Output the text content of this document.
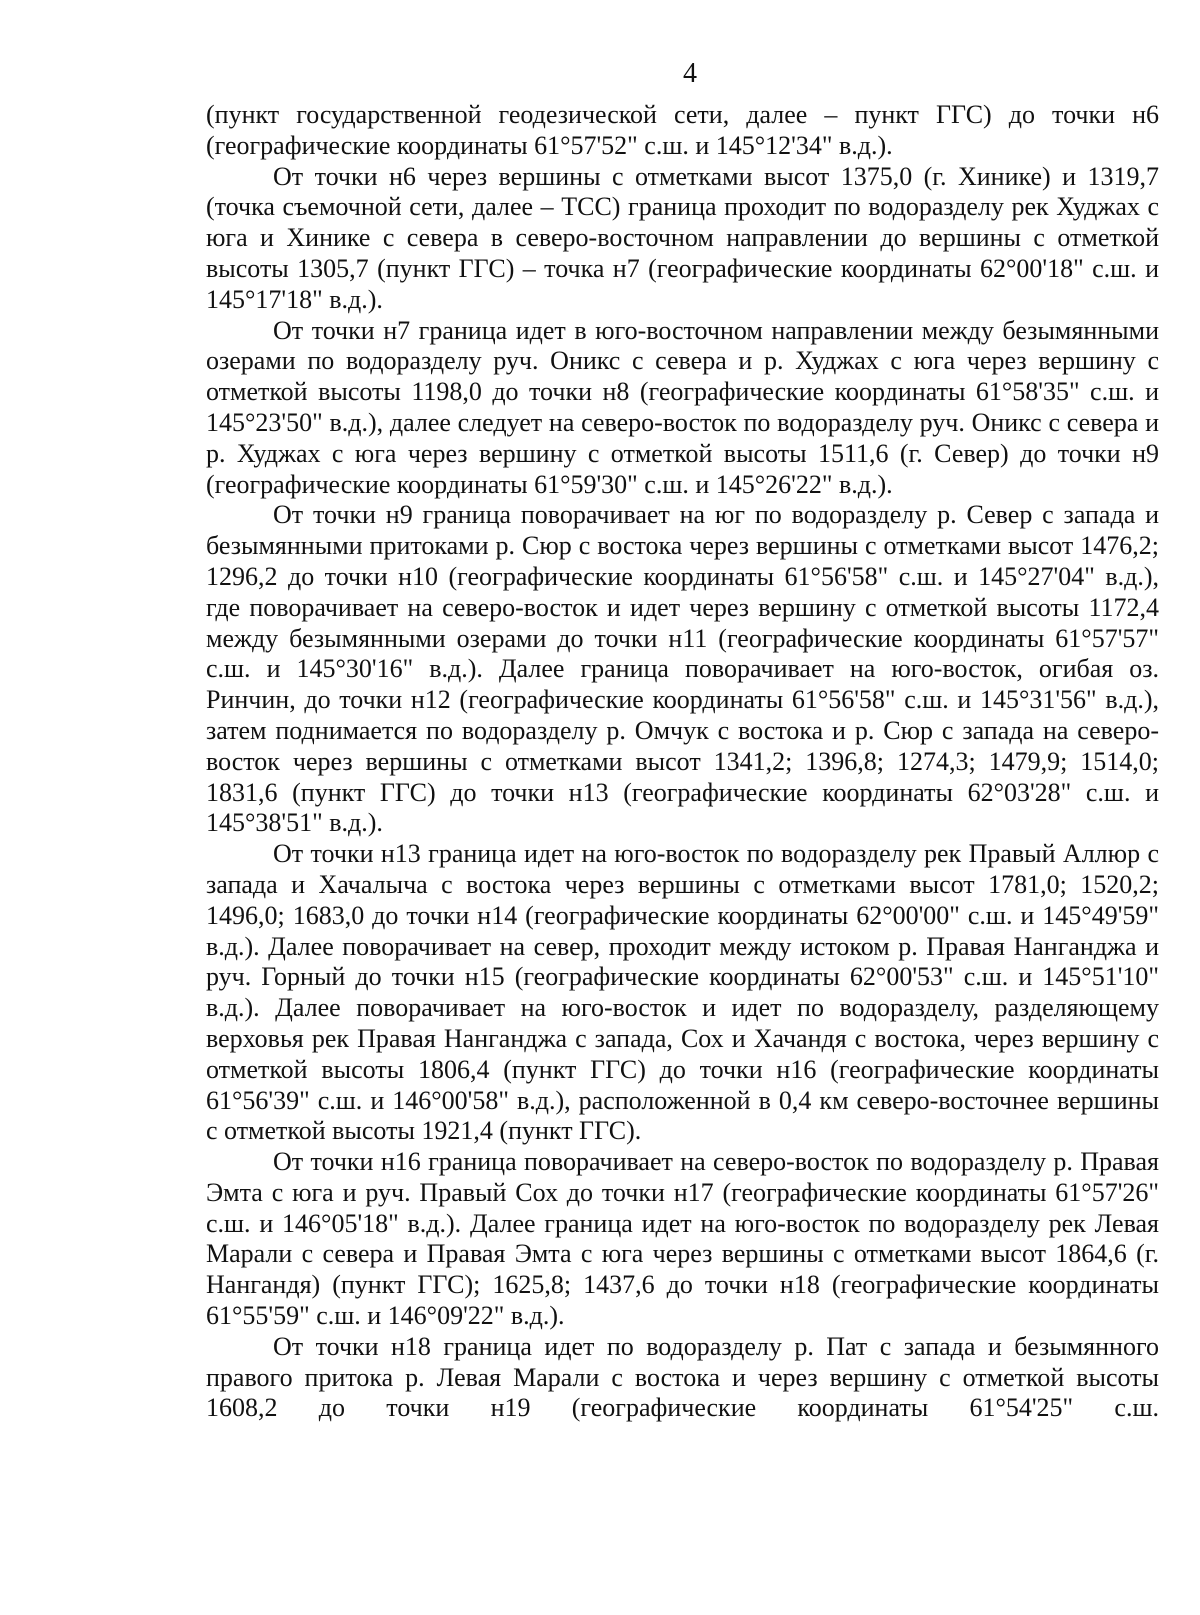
4

(пункт государственной геодезической сети, далее – пункт ГГС) до точки н6 (географические координаты 61°57'52" с.ш. и 145°12'34" в.д.).

От точки н6 через вершины с отметками высот 1375,0 (г. Хинике) и 1319,7 (точка съемочной сети, далее – ТСС) граница проходит по водоразделу рек Худжах с юга и Хинике с севера в северо-восточном направлении до вершины с отметкой высоты 1305,7 (пункт ГГС) – точка н7 (географические координаты 62°00'18" с.ш. и 145°17'18" в.д.).

От точки н7 граница идет в юго-восточном направлении между безымянными озерами по водоразделу руч. Оникс с севера и р. Худжах с юга через вершину с отметкой высоты 1198,0 до точки н8 (географические координаты 61°58'35" с.ш. и 145°23'50" в.д.), далее следует на северо-восток по водоразделу руч. Оникс с севера и р. Худжах с юга через вершину с отметкой высоты 1511,6 (г. Север) до точки н9 (географические координаты 61°59'30" с.ш. и 145°26'22" в.д.).

От точки н9 граница поворачивает на юг по водоразделу р. Север с запада и безымянными притоками р. Сюр с востока через вершины с отметками высот 1476,2; 1296,2 до точки н10 (географические координаты 61°56'58" с.ш. и 145°27'04" в.д.), где поворачивает на северо-восток и идет через вершину с отметкой высоты 1172,4 между безымянными озерами до точки н11 (географические координаты 61°57'57" с.ш. и 145°30'16" в.д.). Далее граница поворачивает на юго-восток, огибая оз. Ринчин, до точки н12 (географические координаты 61°56'58" с.ш. и 145°31'56" в.д.), затем поднимается по водоразделу р. Омчук с востока и р. Сюр с запада на северо-восток через вершины с отметками высот 1341,2; 1396,8; 1274,3; 1479,9; 1514,0; 1831,6 (пункт ГГС) до точки н13 (географические координаты 62°03'28" с.ш. и 145°38'51" в.д.).

От точки н13 граница идет на юго-восток по водоразделу рек Правый Аллюр с запада и Хачалыча с востока через вершины с отметками высот 1781,0; 1520,2; 1496,0; 1683,0 до точки н14 (географические координаты 62°00'00" с.ш. и 145°49'59" в.д.). Далее поворачивает на север, проходит между истоком р. Правая Нанганджа и руч. Горный до точки н15 (географические координаты 62°00'53" с.ш. и 145°51'10" в.д.). Далее поворачивает на юго-восток и идет по водоразделу, разделяющему верховья рек Правая Нанганджа с запада, Сох и Хачандя с востока, через вершину с отметкой высоты 1806,4 (пункт ГГС) до точки н16 (географические координаты 61°56'39" с.ш. и 146°00'58" в.д.), расположенной в 0,4 км северо-восточнее вершины с отметкой высоты 1921,4 (пункт ГГС).

От точки н16 граница поворачивает на северо-восток по водоразделу р. Правая Эмта с юга и руч. Правый Сох до точки н17 (географические координаты 61°57'26" с.ш. и 146°05'18" в.д.). Далее граница идет на юго-восток по водоразделу рек Левая Марали с севера и Правая Эмта с юга через вершины с отметками высот 1864,6 (г. Нангандя) (пункт ГГС); 1625,8; 1437,6 до точки н18 (географические координаты 61°55'59" с.ш. и 146°09'22" в.д.).

От точки н18 граница идет по водоразделу р. Пат с запада и безымянного правого притока р. Левая Марали с востока и через вершину с отметкой высоты 1608,2 до точки н19 (географические координаты 61°54'25" с.ш.
